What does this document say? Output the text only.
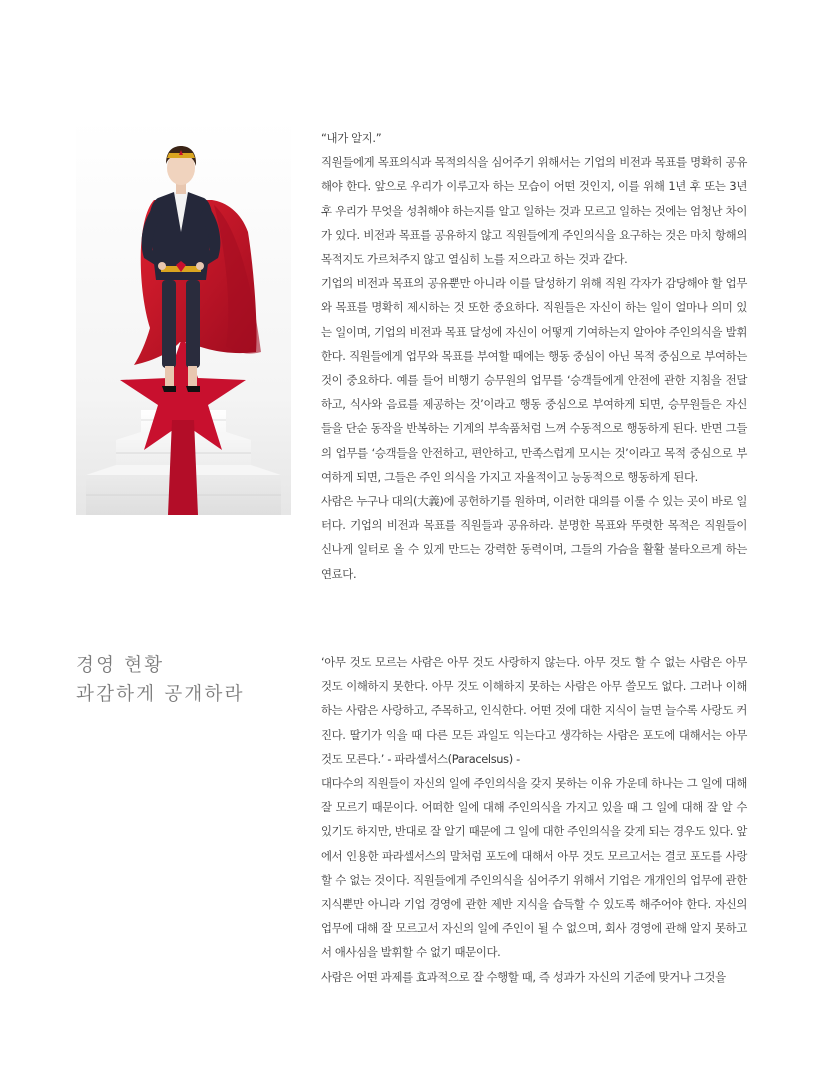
“내가 알지.”

직원들에게 목표의식과 목적의식을 심어주기 위해서는 기업의 비전과 목표를 명확히 공유해야 한다. 앞으로 우리가 이루고자 하는 모습이 어떤 것인지, 이를 위해 1년 후 또는 3년 후 우리가 무엇을 성취해야 하는지를 알고 일하는 것과 모르고 일하는 것에는 엄청난 차이가 있다. 비전과 목표를 공유하지 않고 직원들에게 주인의식을 요구하는 것은 마치 항해의 목적지도 가르쳐주지 않고 열심히 노를 저으라고 하는 것과 같다.

기업의 비전과 목표의 공유뿐만 아니라 이를 달성하기 위해 직원 각자가 감당해야 할 업무와 목표를 명확히 제시하는 것 또한 중요하다. 직원들은 자신이 하는 일이 얼마나 의미 있는 일이며, 기업의 비전과 목표 달성에 자신이 어떻게 기여하는지 알아야 주인의식을 발휘한다. 직원들에게 업무와 목표를 부여할 때에는 행동 중심이 아닌 목적 중심으로 부여하는 것이 중요하다. 예를 들어 비행기 승무원의 업무를 ‘승객들에게 안전에 관한 지침을 전달하고, 식사와 음료를 제공하는 것’이라고 행동 중심으로 부여하게 되면, 승무원들은 자신들을 단순 동작을 반복하는 기계의 부속품처럼 느껴 수동적으로 행동하게 된다. 반면 그들의 업무를 ‘승객들을 안전하고, 편안하고, 만족스럽게 모시는 것’이라고 목적 중심으로 부여하게 되면, 그들은 주인 의식을 가지고 자율적이고 능동적으로 행동하게 된다.

사람은 누구나 대의(大義)에 공헌하기를 원하며, 이러한 대의를 이룰 수 있는 곳이 바로 일터다. 기업의 비전과 목표를 직원들과 공유하라. 분명한 목표와 뚜렷한 목적은 직원들이 신나게 일터로 올 수 있게 만드는 강력한 동력이며, 그들의 가슴을 활활 불타오르게 하는 연료다.

경영 현황
과감하게 공개하라

‘아무 것도 모르는 사람은 아무 것도 사랑하지 않는다. 아무 것도 할 수 없는 사람은 아무 것도 이해하지 못한다. 아무 것도 이해하지 못하는 사람은 아무 쓸모도 없다. 그러나 이해하는 사람은 사랑하고, 주목하고, 인식한다. 어떤 것에 대한 지식이 늘면 늘수록 사랑도 커진다. 딸기가 익을 때 다른 모든 과일도 익는다고 생각하는 사람은 포도에 대해서는 아무 것도 모른다.’ - 파라셀서스(Paracelsus) -

대다수의 직원들이 자신의 일에 주인의식을 갖지 못하는 이유 가운데 하나는 그 일에 대해 잘 모르기 때문이다. 어떠한 일에 대해 주인의식을 가지고 있을 때 그 일에 대해 잘 알 수 있기도 하지만, 반대로 잘 알기 때문에 그 일에 대한 주인의식을 갖게 되는 경우도 있다. 앞에서 인용한 파라셀서스의 말처럼 포도에 대해서 아무 것도 모르고서는 결코 포도를 사랑할 수 없는 것이다. 직원들에게 주인의식을 심어주기 위해서 기업은 개개인의 업무에 관한 지식뿐만 아니라 기업 경영에 관한 제반 지식을 습득할 수 있도록 해주어야 한다. 자신의 업무에 대해 잘 모르고서 자신의 일에 주인이 될 수 없으며, 회사 경영에 관해 알지 못하고서 애사심을 발휘할 수 없기 때문이다.

사람은 어떤 과제를 효과적으로 잘 수행할 때, 즉 성과가 자신의 기준에 맞거나 그것을
